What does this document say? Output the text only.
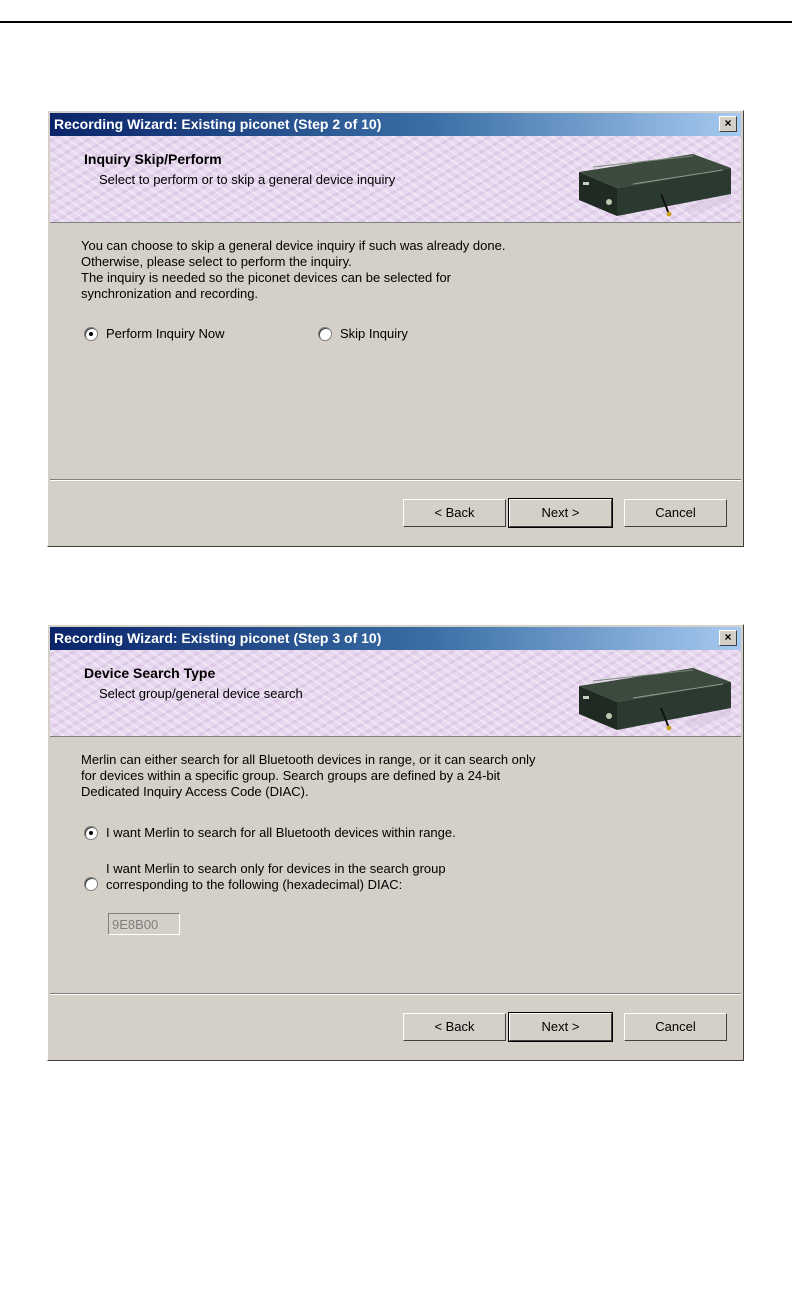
Recording Wizard: Existing piconet (Step 2 of 10)	×
Inquiry Skip/Perform
Select to perform or to skip a general device inquiry
You can choose to skip a general device inquiry if such was already done.
Otherwise, please select to perform the inquiry.
The inquiry is needed so the piconet devices can be selected for
synchronization and recording.
Perform Inquiry Now	Skip Inquiry
< Back	Next >	Cancel
Recording Wizard: Existing piconet (Step 3 of 10)	×
Device Search Type
Select group/general device search
Merlin can either search for all Bluetooth devices in range, or it can search only
for devices within a specific group. Search groups are defined by a 24-bit
Dedicated Inquiry Access Code (DIAC).
I want Merlin to search for all Bluetooth devices within range.
I want Merlin to search only for devices in the search group
corresponding to the following (hexadecimal) DIAC:
9E8B00
< Back	Next >	Cancel
